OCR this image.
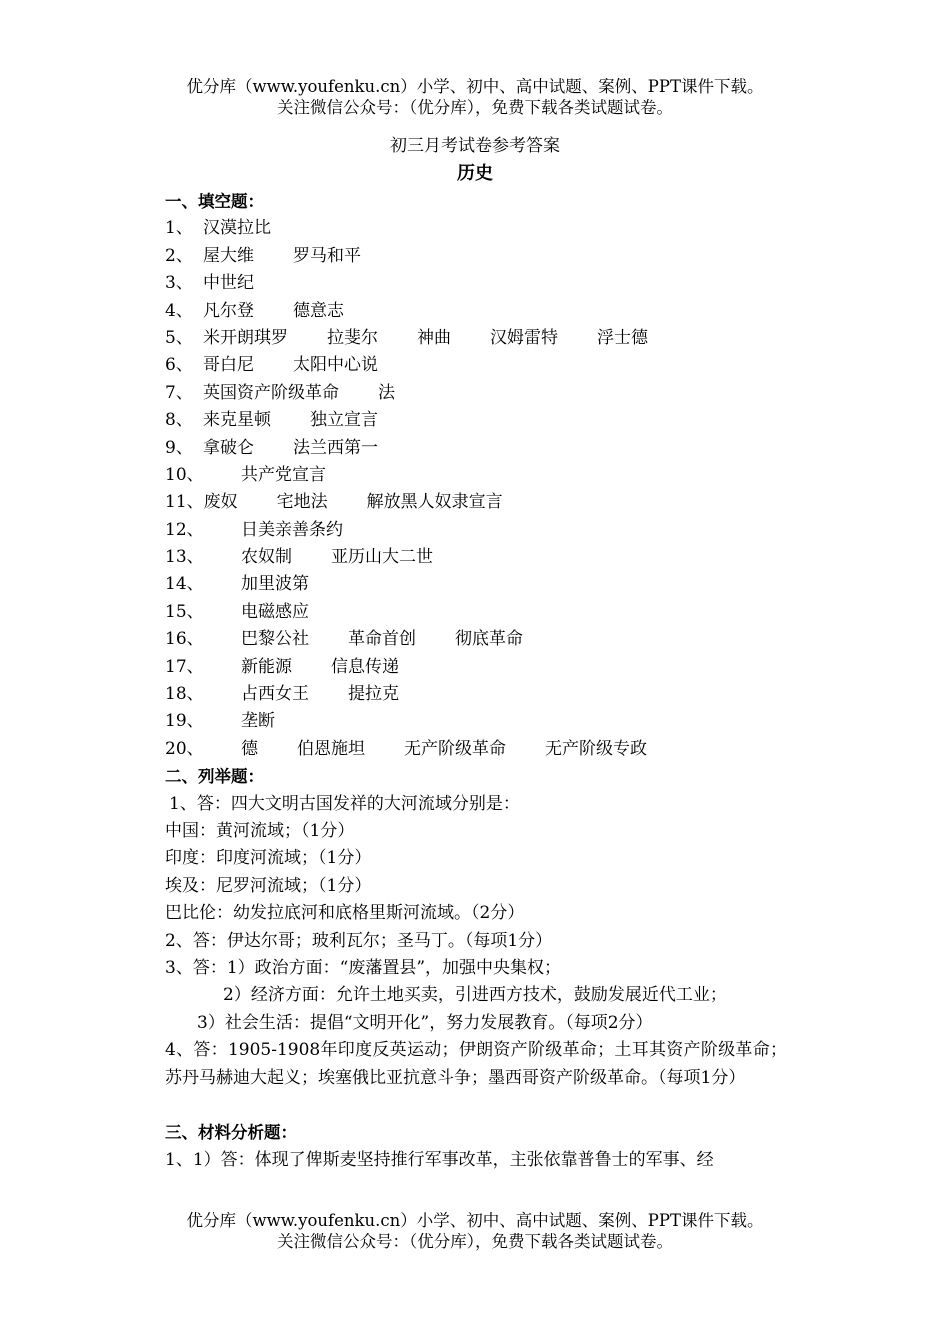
优分库（www.youfenku.cn）小学、初中、高中试题、案例、PPT课件下载。
关注微信公众号：（优分库），免费下载各类试题试卷。
初三月考试卷参考答案
历史
一、填空题：
1、 汉漠拉比
2、 屋大维 罗马和平
3、 中世纪
4、 凡尔登 德意志
5、 米开朗琪罗 拉斐尔 神曲 汉姆雷特 浮士德
6、 哥白尼 太阳中心说
7、 英国资产阶级革命 法
8、 来克星顿 独立宣言
9、 拿破仑 法兰西第一
10、 共产党宣言
11、废奴 宅地法 解放黑人奴隶宣言
12、 日美亲善条约
13、 农奴制 亚历山大二世
14、 加里波第
15、 电磁感应
16、 巴黎公社 革命首创 彻底革命
17、 新能源 信息传递
18、 占西女王 提拉克
19、 垄断
20、 德 伯恩施坦 无产阶级革命 无产阶级专政
二、列举题：
1、答：四大文明古国发祥的大河流域分别是：
中国：黄河流域；（1分）
印度：印度河流域；（1分）
埃及：尼罗河流域；（1分）
巴比伦：幼发拉底河和底格里斯河流域。（2分）
2、答：伊达尔哥；玻利瓦尔；圣马丁。（每项1分）
3、答：1）政治方面：“废藩置县”，加强中央集权；
2）经济方面：允许土地买卖，引进西方技术，鼓励发展近代工业；
3）社会生活：提倡“文明开化”，努力发展教育。（每项2分）
4、答：1905-1908年印度反英运动；伊朗资产阶级革命；土耳其资产阶级革命；苏丹马赫迪大起义；埃塞俄比亚抗意斗争；墨西哥资产阶级革命。（每项1分）
三、材料分析题：
1、1）答：体现了俾斯麦坚持推行军事改革，主张依靠普鲁士的军事、经
优分库（www.youfenku.cn）小学、初中、高中试题、案例、PPT课件下载。
关注微信公众号：（优分库），免费下载各类试题试卷。
